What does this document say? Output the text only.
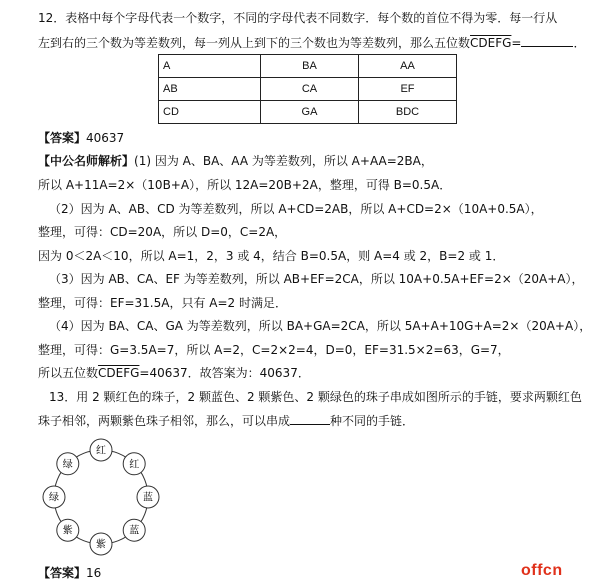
12．表格中每个字母代表一个数字，不同的字母代表不同数字．每个数的首位不得为零．每一行从
左到右的三个数为等差数列，每一列从上到下的三个数也为等差数列，那么五位数CDEFG=	．
A	BA	AA
AB	CA	EF
CD	GA	BDC
【答案】40637
【中公名师解析】(1) 因为 A、BA、AA 为等差数列，所以 A+AA=2BA，
所以 A+11A=2×（10B+A），所以 12A=20B+2A，整理，可得 B=0.5A．
（2）因为 A、AB、CD 为等差数列，所以 A+CD=2AB，所以 A+CD=2×（10A+0.5A），
整理，可得：CD=20A，所以 D=0，C=2A，
因为 0＜2A＜10，所以 A=1，2，3 或 4，结合 B=0.5A，则 A=4 或 2，B=2 或 1．
（3）因为 AB、CA、EF 为等差数列，所以 AB+EF=2CA，所以 10A+0.5A+EF=2×（20A+A），
整理，可得：EF=31.5A，只有 A=2 时满足．
（4）因为 BA、CA、GA 为等差数列，所以 BA+GA=2CA，所以 5A+A+10G+A=2×（20A+A），
整理，可得：G=3.5A=7，所以 A=2，C=2×2=4，D=0，EF=31.5×2=63，G=7，
所以五位数CDEFG=40637．故答案为：40637．
13．用 2 颗红色的珠子，2 颗蓝色、2 颗紫色、2 颗绿色的珠子串成如图所示的手链，要求两颗红色
珠子相邻，两颗紫色珠子相邻，那么，可以串成	种不同的手链．
红
红
蓝
蓝
紫
紫
绿
绿
【答案】16	offcn
